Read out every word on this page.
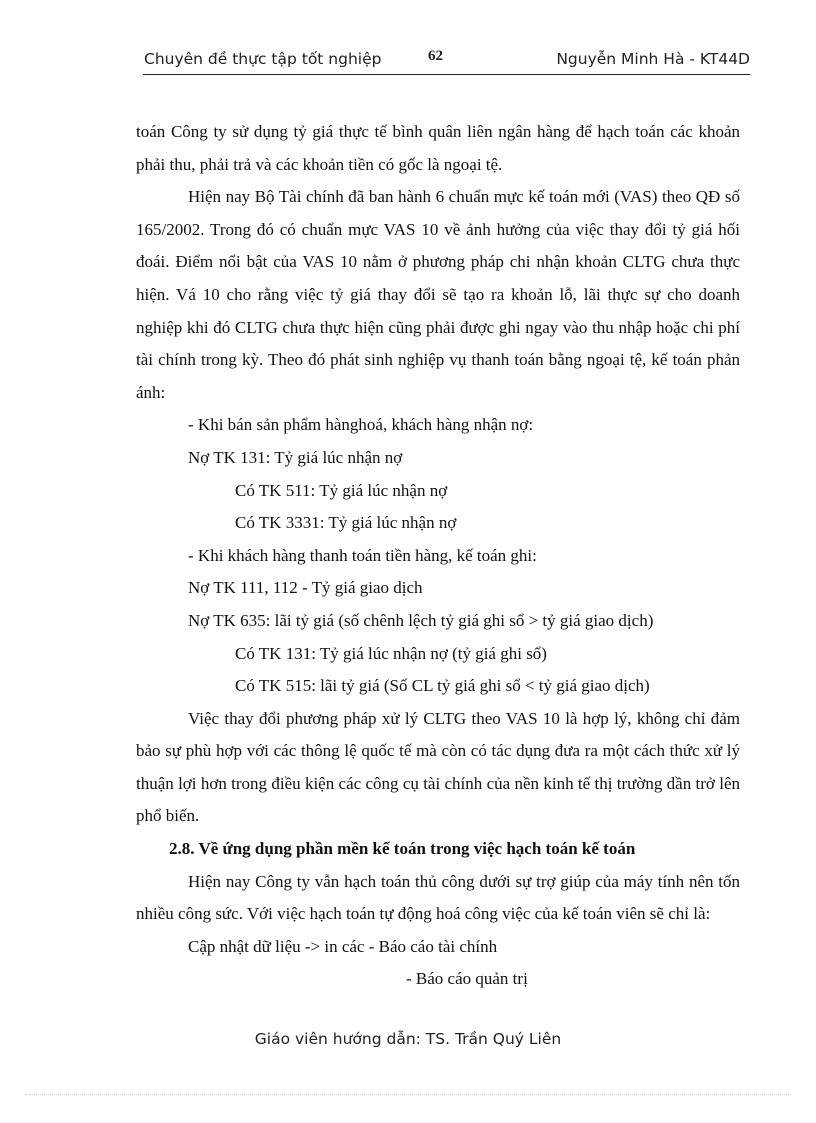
Chuyên đề thực tập tốt nghiệp	62	Nguyễn Minh Hà - KT44D

toán Công ty sử dụng tỷ giá thực tế bình quân liên ngân hàng để hạch toán các khoản phải thu, phải trả và các khoản tiền có gốc là ngoại tệ.

Hiện nay Bộ Tài chính đã ban hành 6 chuẩn mực kế toán mới (VAS) theo QĐ số 165/2002. Trong đó có chuẩn mực VAS 10 về ảnh hưởng của việc thay đổi tỷ giá hối đoái. Điểm nổi bật của VAS 10 nằm ở phương pháp chi nhận khoản CLTG chưa thực hiện. Vá 10 cho rằng việc tỷ giá thay đổi sẽ tạo ra khoản lỗ, lãi thực sự cho doanh nghiệp khi đó CLTG chưa thực hiện cũng phải được ghi ngay vào thu nhập hoặc chi phí tài chính trong kỳ. Theo đó phát sinh nghiệp vụ thanh toán bằng ngoại tệ, kế toán phản ánh:

- Khi bán sản phẩm hànghoá, khách hàng nhận nợ:

Nợ TK 131: Tỷ giá lúc nhận nợ

Có TK 511: Tỷ giá lúc nhận nợ

Có TK 3331: Tỷ giá lúc nhận nợ

- Khi khách hàng thanh toán tiền hàng, kế toán ghi:

Nợ TK 111, 112 - Tỷ giá giao dịch

Nợ TK 635: lãi tỷ giá (số chênh lệch tỷ giá ghi sổ > tỷ giá giao dịch)

Có TK 131: Tỷ giá lúc nhận nợ (tỷ giá ghi sổ)

Có TK 515: lãi tỷ giá (Số CL tỷ giá ghi sổ < tỷ giá giao dịch)

Việc thay đổi phương pháp xử lý CLTG theo VAS 10 là hợp lý, không chỉ đảm bảo sự phù hợp với các thông lệ quốc tế mà còn có tác dụng đưa ra một cách thức xử lý thuận lợi hơn trong điều kiện các công cụ tài chính của nền kinh tế thị trường dần trở lên phổ biến.

2.8. Về ứng dụng phần mền kế toán trong việc hạch toán kế toán

Hiện nay Công ty vẫn hạch toán thủ công dưới sự trợ giúp của máy tính nên tốn nhiều công sức. Với việc hạch toán tự động hoá công việc của kế toán viên sẽ chỉ là:

Cập nhật dữ liệu -> in các - Báo cáo tài chính

- Báo cáo quản trị

Giáo viên hướng dẫn: TS. Trần Quý Liên
